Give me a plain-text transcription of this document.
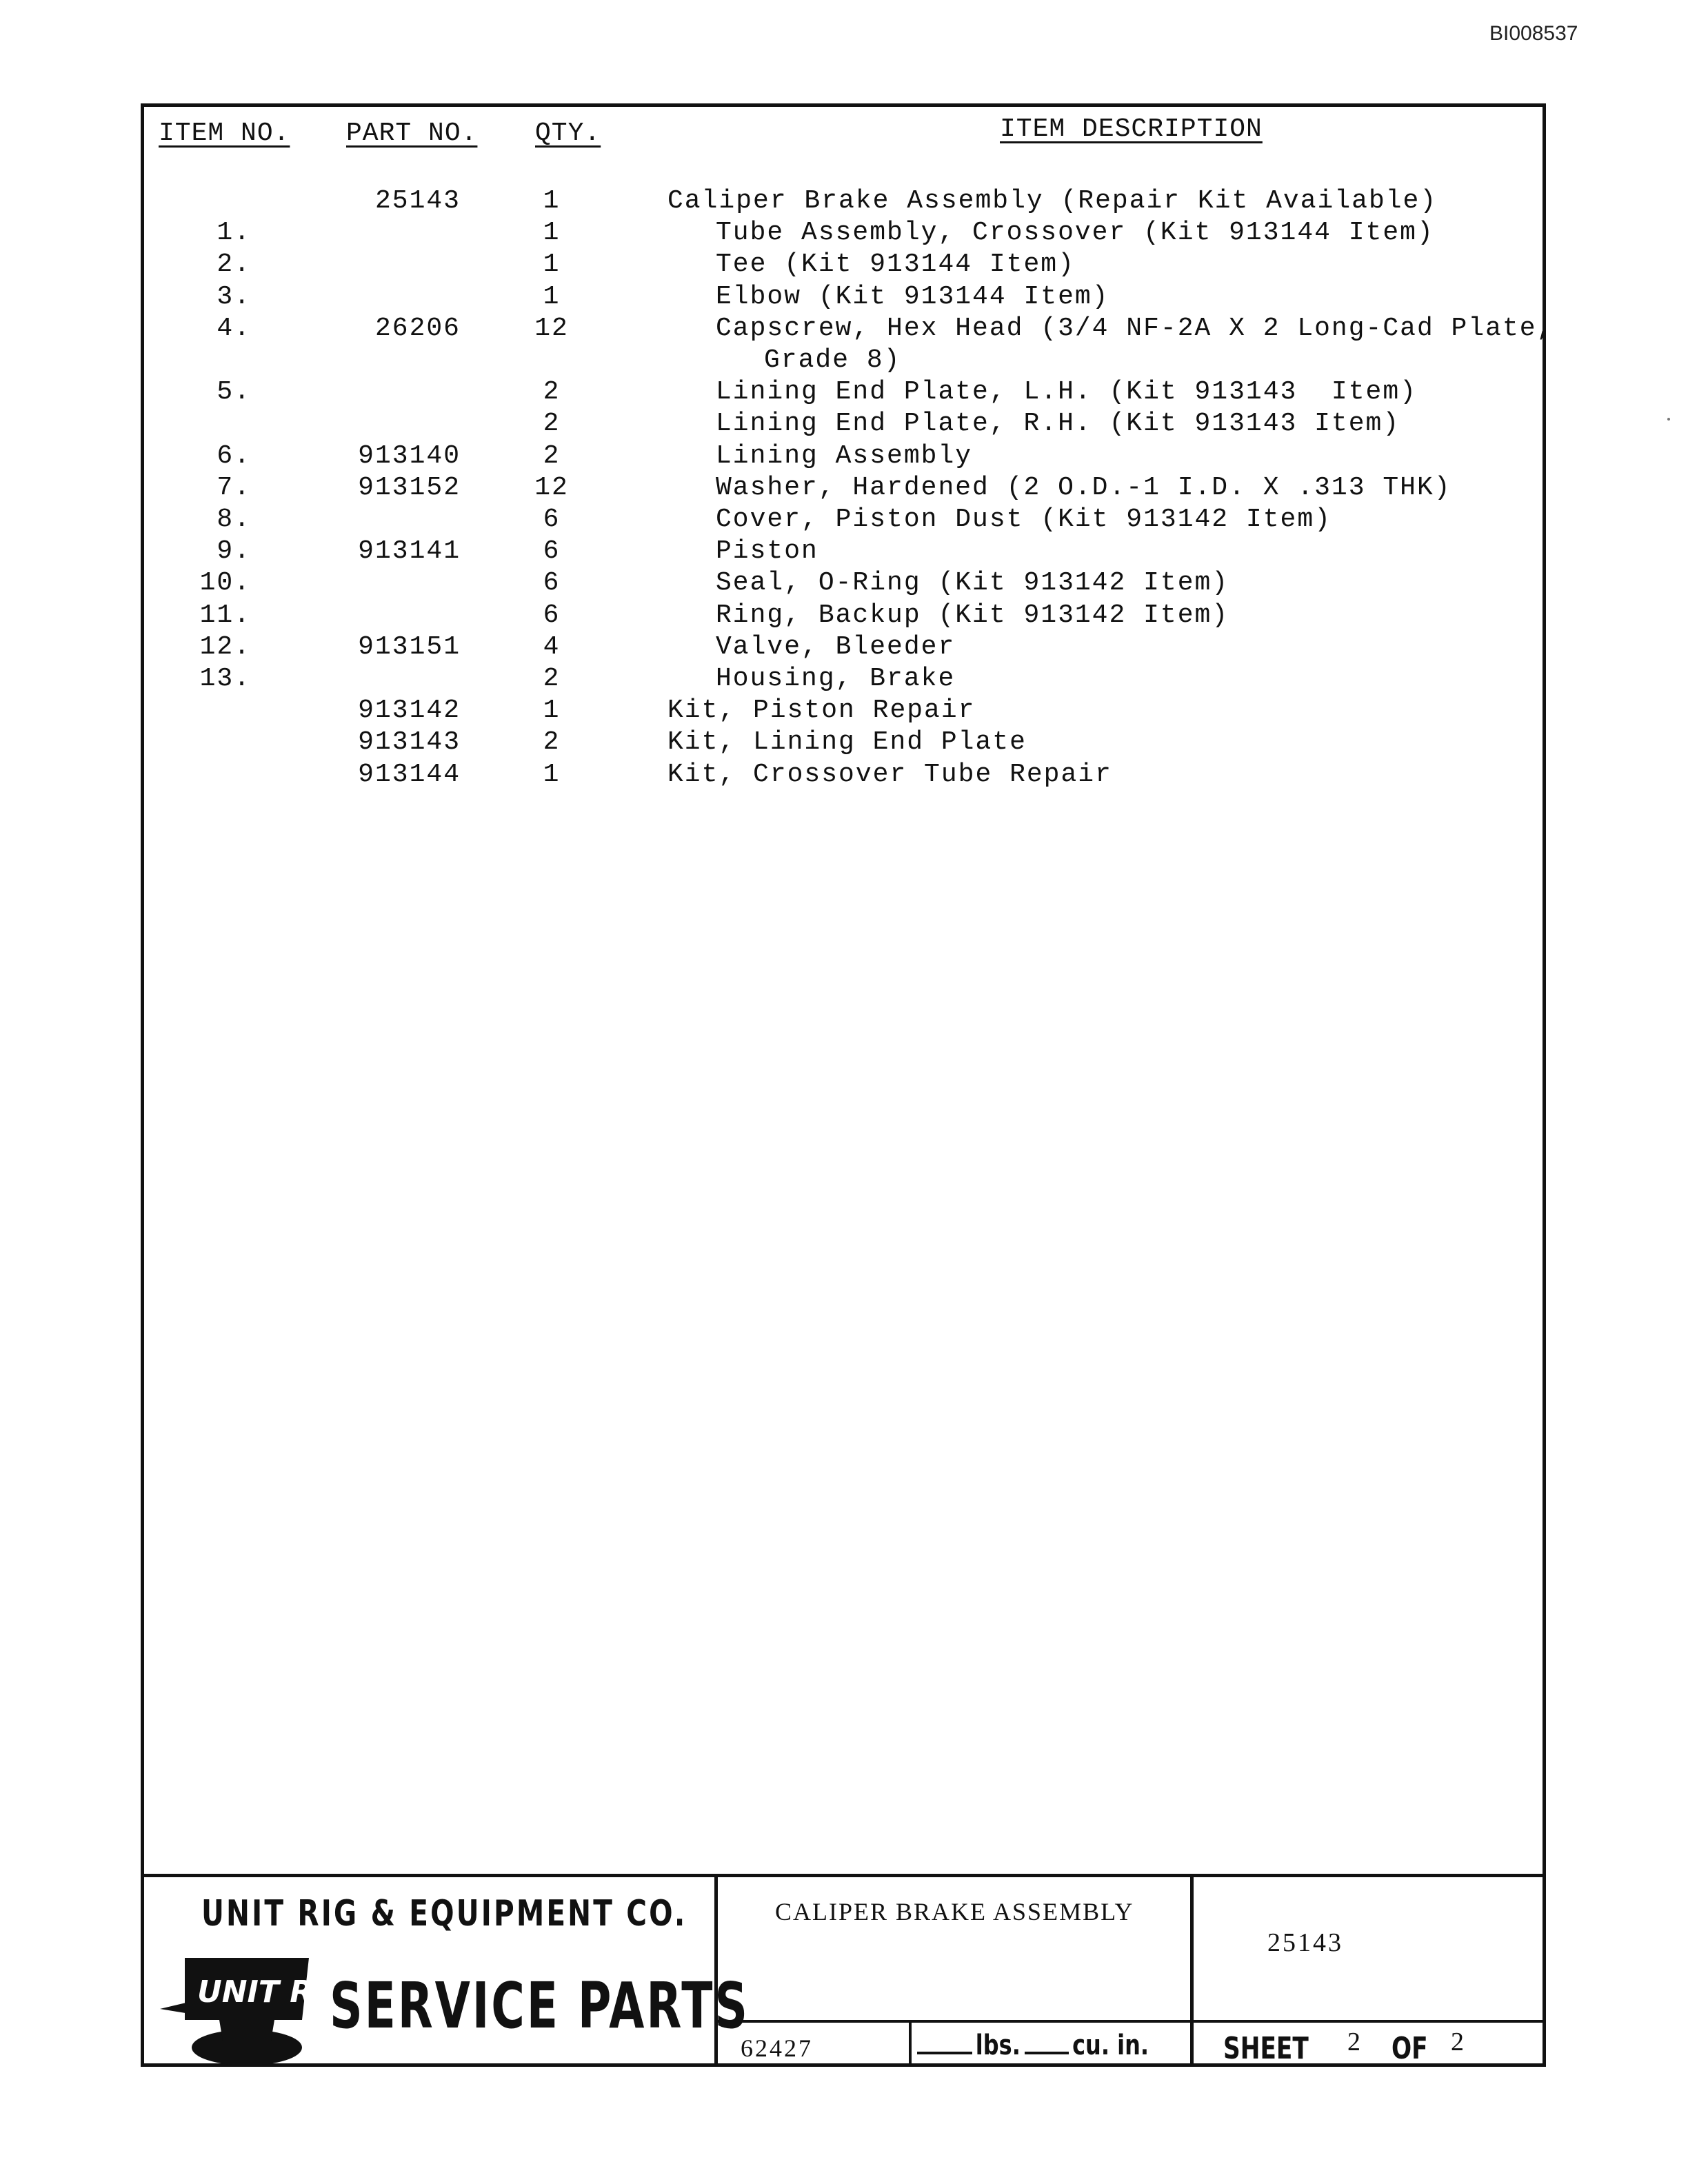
BI008537
ITEM NO. PART NO. QTY.	ITEM DESCRIPTION
25143	1	Caliper Brake Assembly (Repair Kit Available)
1.	1	Tube Assembly, Crossover (Kit 913144 Item)
2.	1	Tee (Kit 913144 Item)
3.	1	Elbow (Kit 913144 Item)
4.	26206	12	Capscrew, Hex Head (3/4 NF-2A X 2 Long-Cad Plate,
Grade 8)
5.	2	Lining End Plate, L.H. (Kit 913143  Item)
2	Lining End Plate, R.H. (Kit 913143 Item)
6.	913140	2	Lining Assembly
7.	913152	12	Washer, Hardened (2 O.D.-1 I.D. X .313 THK)
8.	6	Cover, Piston Dust (Kit 913142 Item)
9.	913141	6	Piston
10.	6	Seal, O-Ring (Kit 913142 Item)
11.	6	Ring, Backup (Kit 913142 Item)
12.	913151	4	Valve, Bleeder
13.	2	Housing, Brake
913142	1	Kit, Piston Repair
913143	2	Kit, Lining End Plate
913144	1	Kit, Crossover Tube Repair
UNIT RIG & EQUIPMENT CO.
UNIT RIG
SERVICE PARTS
CALIPER BRAKE ASSEMBLY
25143
62427	lbs. cu. in. SHEET 2 OF 2
